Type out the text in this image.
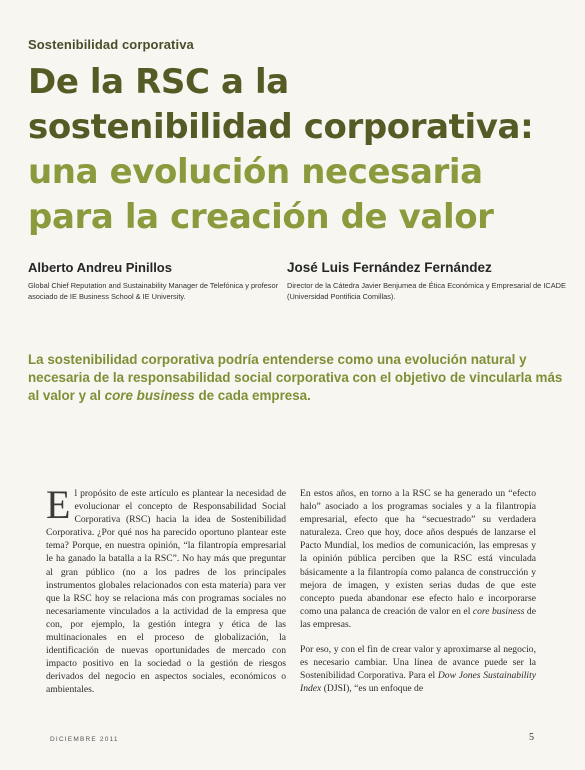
Sostenibilidad corporativa
De la RSC a la
sostenibilidad corporativa:
una evolución necesaria
para la creación de valor
Alberto Andreu Pinillos
Global Chief Reputation and Sustainability Manager de Telefónica y profesor asociado de IE Business School & IE University.
José Luis Fernández Fernández
Director de la Cátedra Javier Benjumea de Ética Económica y Empresarial de ICADE (Universidad Pontificia Comillas).

La sostenibilidad corporativa podría entenderse como una evolución natural y necesaria de la responsabilidad social corporativa con el objetivo de vincularla más al valor y al core business de cada empresa.

El propósito de este artículo es plantear la necesidad de evolucionar el concepto de Responsabilidad Social Corporativa (RSC) hacia la idea de Sostenibilidad Corporativa. ¿Por qué nos ha parecido oportuno plantear este tema? Porque, en nuestra opinión, “la filantropía empresarial le ha ganado la batalla a la RSC”. No hay más que preguntar al gran público (no a los padres de los principales instrumentos globales relacionados con esta materia) para ver que la RSC hoy se relaciona más con programas sociales no necesariamente vinculados a la actividad de la empresa que con, por ejemplo, la gestión íntegra y ética de las multinacionales en el proceso de globalización, la identificación de nuevas oportunidades de mercado con impacto positivo en la sociedad o la gestión de riesgos derivados del negocio en aspectos sociales, económicos o ambientales.

En estos años, en torno a la RSC se ha generado un “efecto halo” asociado a los programas sociales y a la filantropía empresarial, efecto que ha “secuestrado” su verdadera naturaleza. Creo que hoy, doce años después de lanzarse el Pacto Mundial, los medios de comunicación, las empresas y la opinión pública perciben que la RSC está vinculada básicamente a la filantropía como palanca de construcción y mejora de imagen, y existen serias dudas de que este concepto pueda abandonar ese efecto halo e incorporarse como una palanca de creación de valor en el core business de las empresas.

Por eso, y con el fin de crear valor y aproximarse al negocio, es necesario cambiar. Una línea de avance puede ser la Sostenibilidad Corporativa. Para el Dow Jones Sustainability Index (DJSI), “es un enfoque de

DICIEMBRE 2011	5
